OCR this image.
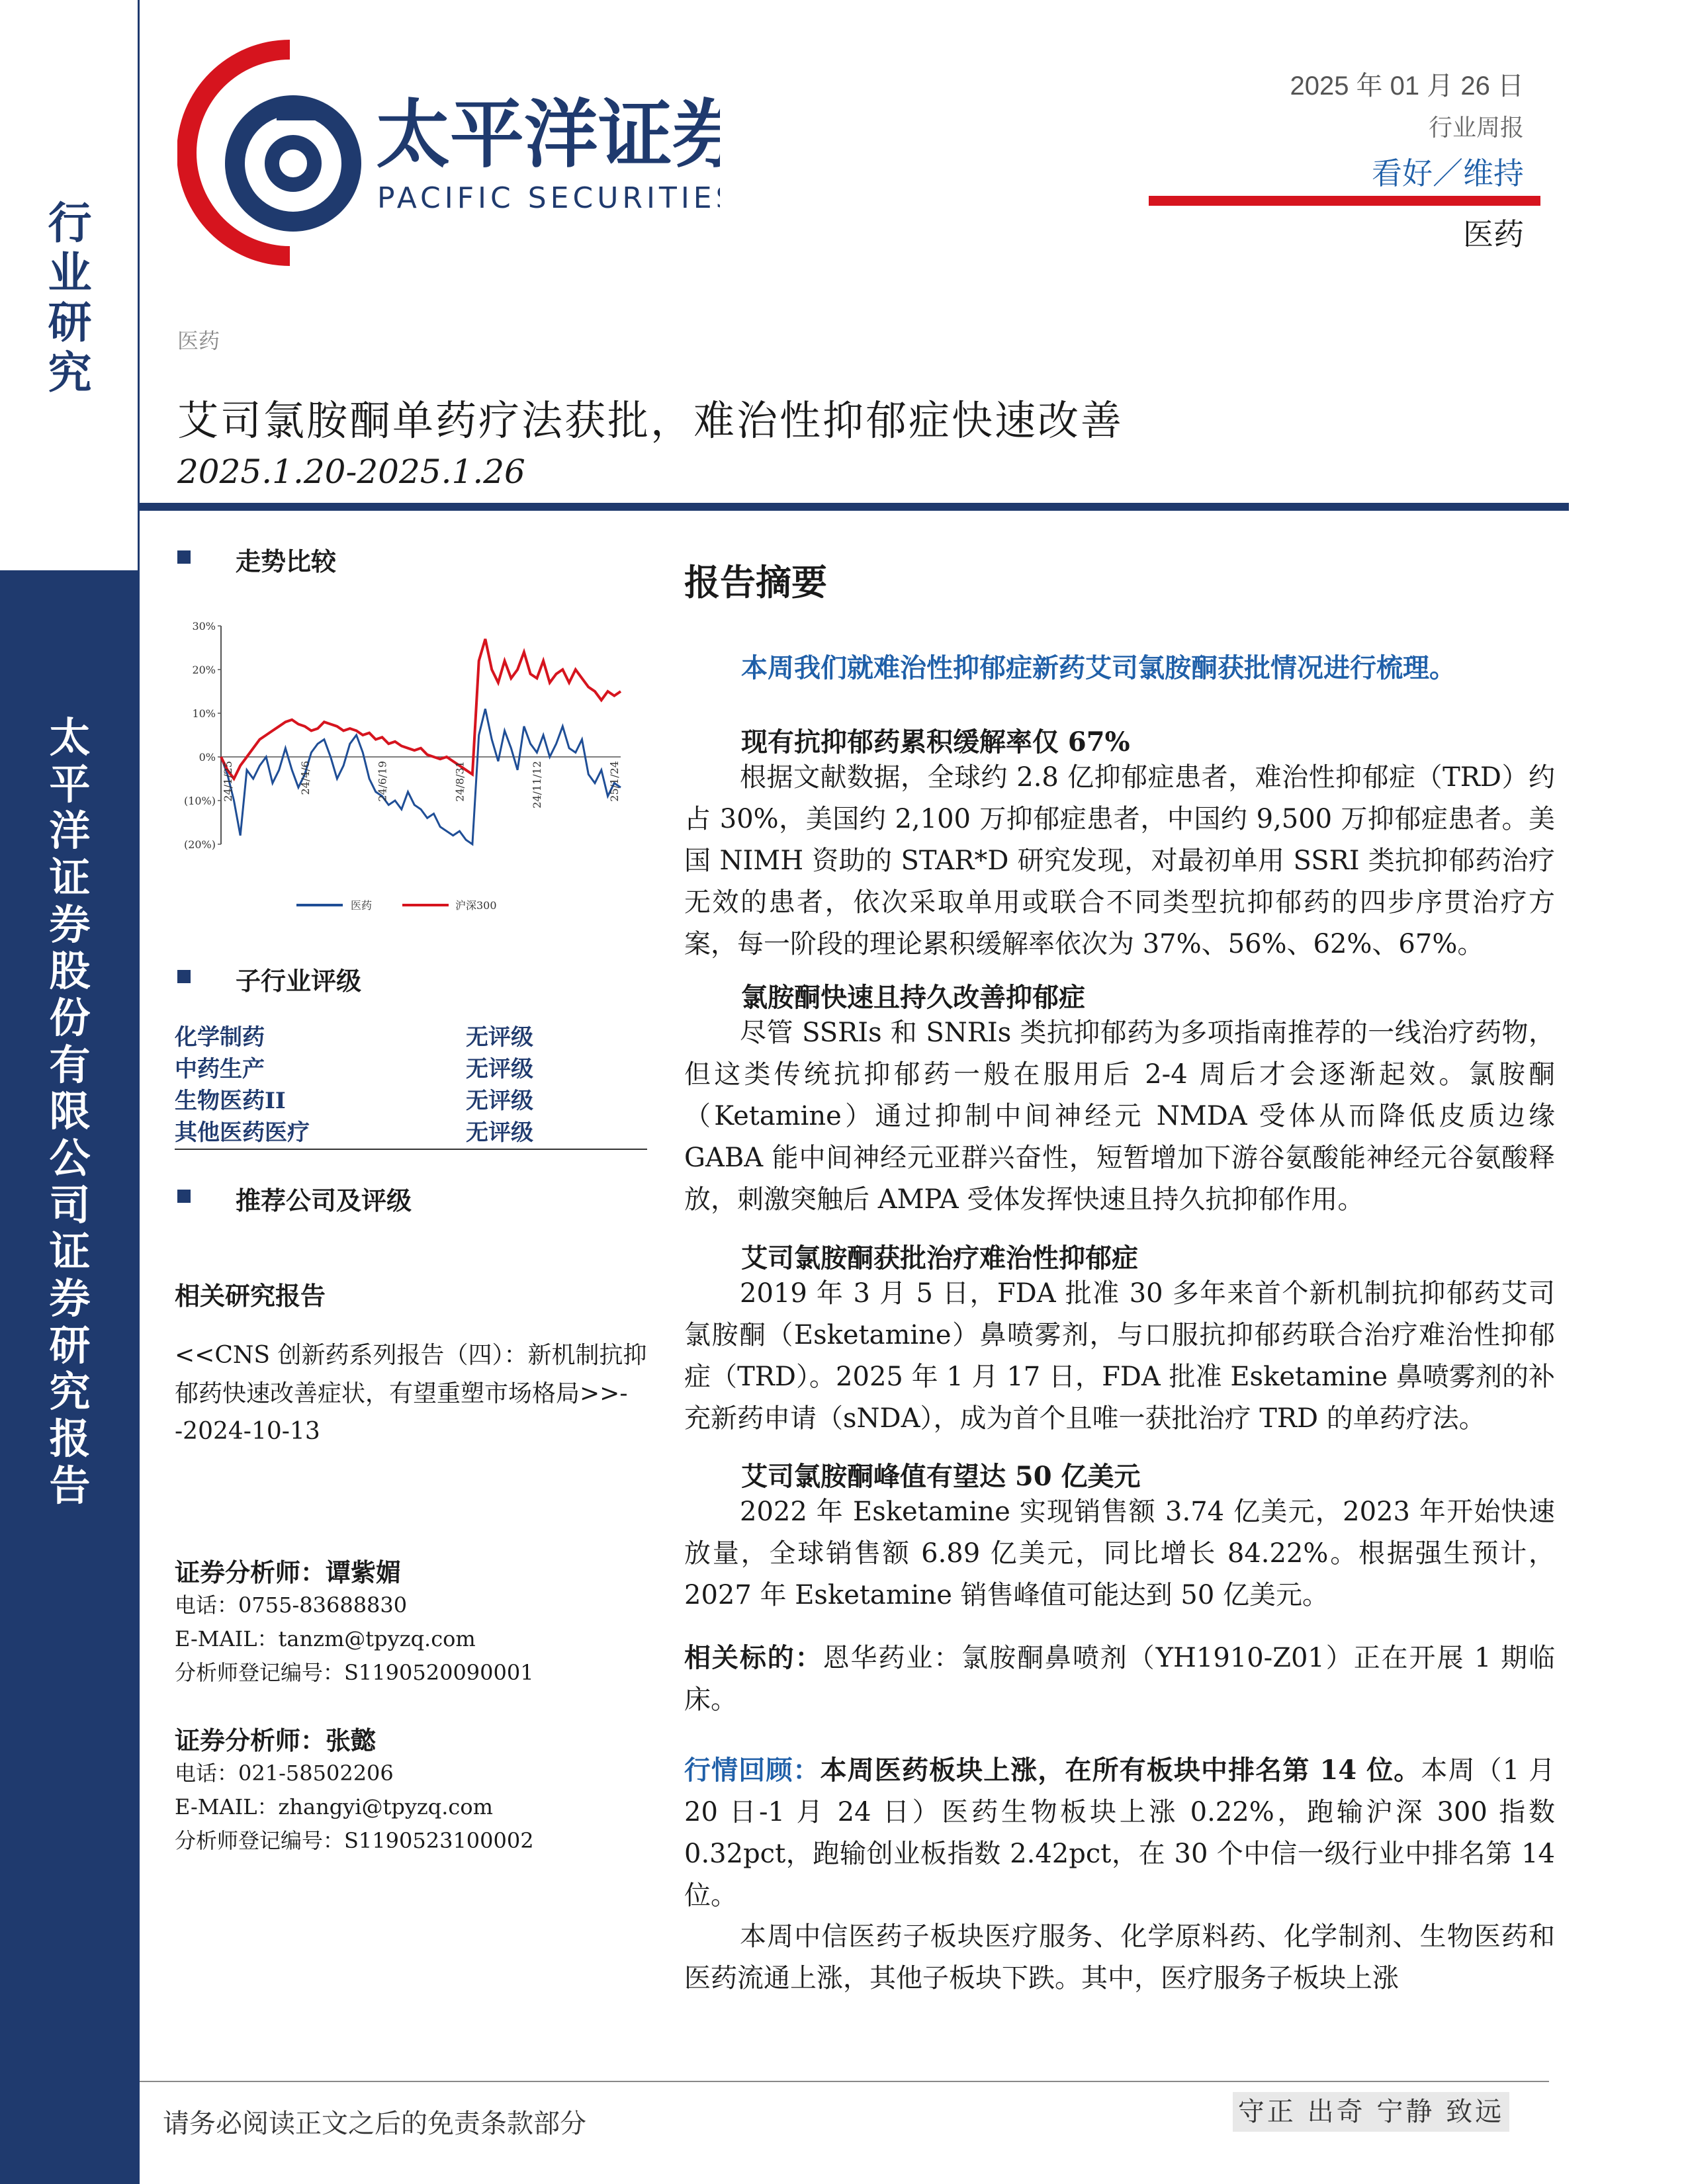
行
业
研
究
太
平
洋
证
券
股
份
有
限
公
司
证
券
研
究
报
告
太平洋证券
PACIFIC SECURITIES
2025 年 01 月 26 日
行业周报
看好／维持
医药
医药
艾司氯胺酮单药疗法获批，难治性抑郁症快速改善
2025.1.20-2025.1.26
走势比较
30%
20%
10%
0%
(10%)
(20%)
24/1/25	24/4/6	24/6/19	24/8/31	24/11/12	25/1/24
医药	沪深300
子行业评级
化学制药	无评级
中药生产	无评级
生物医药II	无评级
其他医药医疗	无评级
推荐公司及评级
相关研究报告
<<CNS 创新药系列报告（四）：新机制抗抑郁药快速改善症状，有望重塑市场格局>>--2024-10-13
证券分析师：谭紫媚
电话：0755-83688830
E-MAIL：tanzm@tpyzq.com
分析师登记编号：S1190520090001
证券分析师：张懿
电话：021-58502206
E-MAIL：zhangyi@tpyzq.com
分析师登记编号：S1190523100002
报告摘要
本周我们就难治性抑郁症新药艾司氯胺酮获批情况进行梳理。
现有抗抑郁药累积缓解率仅 67%
根据文献数据，全球约 2.8 亿抑郁症患者，难治性抑郁症（TRD）约占 30%，美国约 2,100 万抑郁症患者，中国约 9,500 万抑郁症患者。美国 NIMH 资助的 STAR*D 研究发现，对最初单用 SSRI 类抗抑郁药治疗无效的患者，依次采取单用或联合不同类型抗抑郁药的四步序贯治疗方案，每一阶段的理论累积缓解率依次为 37%、56%、62%、67%。
氯胺酮快速且持久改善抑郁症
尽管 SSRIs 和 SNRIs 类抗抑郁药为多项指南推荐的一线治疗药物，但这类传统抗抑郁药一般在服用后 2-4 周后才会逐渐起效。氯胺酮（Ketamine）通过抑制中间神经元 NMDA 受体从而降低皮质边缘 GABA 能中间神经元亚群兴奋性，短暂增加下游谷氨酸能神经元谷氨酸释放，刺激突触后 AMPA 受体发挥快速且持久抗抑郁作用。
艾司氯胺酮获批治疗难治性抑郁症
2019 年 3 月 5 日，FDA 批准 30 多年来首个新机制抗抑郁药艾司氯胺酮（Esketamine）鼻喷雾剂，与口服抗抑郁药联合治疗难治性抑郁症（TRD）。2025 年 1 月 17 日，FDA 批准 Esketamine 鼻喷雾剂的补充新药申请（sNDA），成为首个且唯一获批治疗 TRD 的单药疗法。
艾司氯胺酮峰值有望达 50 亿美元
2022 年 Esketamine 实现销售额 3.74 亿美元，2023 年开始快速放量，全球销售额 6.89 亿美元，同比增长 84.22%。根据强生预计，2027 年 Esketamine 销售峰值可能达到 50 亿美元。
相关标的：恩华药业：氯胺酮鼻喷剂（YH1910-Z01）正在开展 1 期临床。
行情回顾：本周医药板块上涨，在所有板块中排名第 14 位。本周（1 月 20 日-1 月 24 日）医药生物板块上涨 0.22%，跑输沪深 300 指数 0.32pct，跑输创业板指数 2.42pct，在 30 个中信一级行业中排名第 14 位。
本周中信医药子板块医疗服务、化学原料药、化学制剂、生物医药和医药流通上涨，其他子板块下跌。其中，医疗服务子板块上涨
请务必阅读正文之后的免责条款部分	守正 出奇 宁静 致远
